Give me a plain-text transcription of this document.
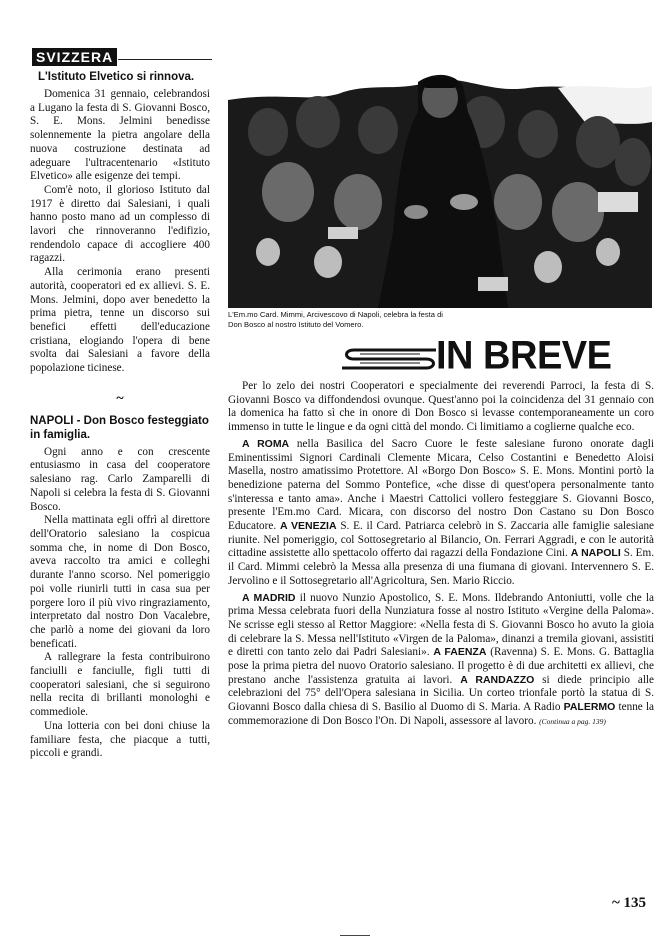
SVIZZERA
L'Istituto Elvetico si rinnova.

Domenica 31 gennaio, celebrandosi a Lugano la festa di S. Giovanni Bosco, S. E. Mons. Jelmini benedisse solennemente la pietra angolare della nuova costruzione destinata ad adeguare l'ultracentenario «Istituto Elvetico» alle esigenze dei tempi.

Com'è noto, il glorioso Istituto dal 1917 è diretto dai Salesiani, i quali hanno posto mano ad un complesso di lavori che rinnoveranno l'edifizio, rendendolo capace di accogliere 400 ragazzi.

Alla cerimonia erano presenti autorità, cooperatori ed ex allievi. S. E. Mons. Jelmini, dopo aver benedetto la prima pietra, tenne un discorso sui benefici effetti dell'educazione cristiana, elogiando l'opera di bene svolta dai Salesiani a favore della popolazione ticinese.

~
NAPOLI - Don Bosco festeggiato in famiglia.

Ogni anno e con crescente entusiasmo in casa del cooperatore salesiano rag. Carlo Zamparelli di Napoli si celebra la festa di S. Giovanni Bosco.

Nella mattinata egli offrì al direttore dell'Oratorio salesiano la cospicua somma che, in nome di Don Bosco, aveva raccolto tra amici e colleghi durante l'anno scorso. Nel pomeriggio poi volle riunirli tutti in casa sua per porgere loro il più vivo ringraziamento, interpretato dal nostro Don Vacalebre, che parlò a nome dei giovani da loro beneficati.

A rallegrare la festa contribuirono fanciulli e fanciulle, figli tutti di cooperatori salesiani, che si seguirono nella recita di brillanti monologhi e commediole.

Una lotteria con bei doni chiuse la familiare festa, che piacque a tutti, piccoli e grandi.

L'Em.mo Card. Mimmi, Arcivescovo di Napoli, celebra la festa di Don Bosco al nostro Istituto del Vomero.
IN BREVE

Per lo zelo dei nostri Cooperatori e specialmente dei reverendi Parroci, la festa di S. Giovanni Bosco va diffondendosi ovunque. Quest'anno poi la coincidenza del 31 gennaio con la domenica ha fatto sì che in onore di Don Bosco si levasse contemporaneamente un coro immenso in tutte le lingue e da ogni città del mondo. Ci limitiamo a coglierne qualche eco.

A ROMA nella Basilica del Sacro Cuore le feste salesiane furono onorate dagli Eminentissimi Signori Cardinali Clemente Micara, Celso Costantini e Benedetto Aloisi Masella, nostro amatissimo Protettore. Al «Borgo Don Bosco» S. E. Mons. Montini portò la benedizione paterna del Sommo Pontefice, «che disse di quest'opera personalmente tanto s'interessa e tanto ama». Anche i Maestri Cattolici vollero festeggiare S. Giovanni Bosco, presente l'Em.mo Card. Micara, con discorso del nostro Don Castano su Don Bosco Educatore. A VENEZIA S. E. il Card. Patriarca celebrò in S. Zaccaria alle famiglie salesiane riunite. Nel pomeriggio, col Sottosegretario al Bilancio, On. Ferrari Aggradi, e con le autorità cittadine assistette allo spettacolo offerto dai ragazzi della Fondazione Cini. A NAPOLI S. Em. il Card. Mimmi celebrò la Messa alla presenza di una fiumana di giovani. Intervennero S. E. Jervolino e il Sottosegretario all'Agricoltura, Sen. Mario Riccio.

A MADRID il nuovo Nunzio Apostolico, S. E. Mons. Ildebrando Antoniutti, volle che la prima Messa celebrata fuori della Nunziatura fosse al nostro Istituto «Vergine della Paloma». Ne scrisse egli stesso al Rettor Maggiore: «Nella festa di S. Giovanni Bosco ho avuto la gioia di celebrare la S. Messa nell'Istituto «Virgen de la Paloma», dinanzi a tremila giovani, assistiti e diretti con tanto zelo dai Padri Salesiani». A FAENZA (Ravenna) S. E. Mons. G. Battaglia pose la prima pietra del nuovo Oratorio salesiano. Il progetto è di due architetti ex allievi, che prestano anche l'assistenza gratuita ai lavori. A RANDAZZO si diede principio alle celebrazioni del 75° dell'Opera salesiana in Sicilia. Un corteo trionfale portò la statua di S. Giovanni Bosco dalla chiesa di S. Basilio al Duomo di S. Maria. A Radio PALERMO tenne la commemorazione di Don Bosco l'On. Di Napoli, assessore al lavoro. (Continua a pag. 139)

~ 135
